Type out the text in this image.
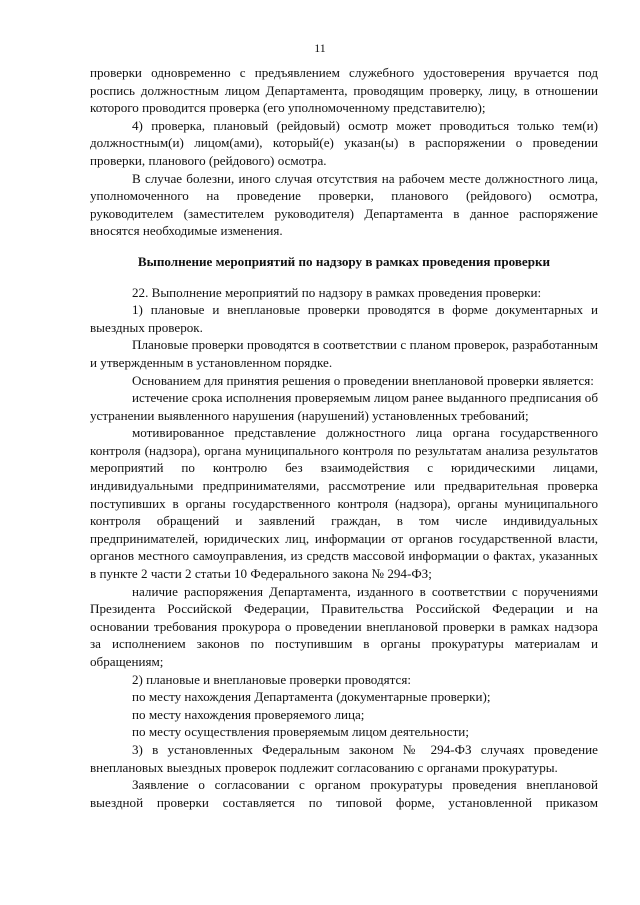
11

проверки одновременно с предъявлением служебного удостоверения вручается под роспись должностным лицом Департамента, проводящим проверку, лицу, в отношении которого проводится проверка (его уполномоченному представителю);

4) проверка, плановый (рейдовый) осмотр может проводиться только тем(и) должностным(и) лицом(ами), который(е) указан(ы) в распоряжении о проведении проверки, планового (рейдового) осмотра.

В случае болезни, иного случая отсутствия на рабочем месте должностного лица, уполномоченного на проведение проверки, планового (рейдового) осмотра, руководителем (заместителем руководителя) Департамента в данное распоряжение вносятся необходимые изменения.

Выполнение мероприятий по надзору в рамках проведения проверки

22. Выполнение мероприятий по надзору в рамках проведения проверки:

1) плановые и внеплановые проверки проводятся в форме документарных и выездных проверок.

Плановые проверки проводятся в соответствии с планом проверок, разработанным и утвержденным в установленном порядке.

Основанием для принятия решения о проведении внеплановой проверки является:

истечение срока исполнения проверяемым лицом ранее выданного предписания об устранении выявленного нарушения (нарушений) установленных требований;

мотивированное представление должностного лица органа государственного контроля (надзора), органа муниципального контроля по результатам анализа результатов мероприятий по контролю без взаимодействия с юридическими лицами, индивидуальными предпринимателями, рассмотрение или предварительная проверка поступивших в органы государственного контроля (надзора), органы муниципального контроля обращений и заявлений граждан, в том числе индивидуальных предпринимателей, юридических лиц, информации от органов государственной власти, органов местного самоуправления, из средств массовой информации о фактах, указанных в пункте 2 части 2 статьи 10 Федерального закона № 294-ФЗ;

наличие распоряжения Департамента, изданного в соответствии с поручениями Президента Российской Федерации, Правительства Российской Федерации и на основании требования прокурора о проведении внеплановой проверки в рамках надзора за исполнением законов по поступившим в органы прокуратуры материалам и обращениям;

2) плановые и внеплановые проверки проводятся:

по месту нахождения Департамента (документарные проверки);

по месту нахождения проверяемого лица;

по месту осуществления проверяемым лицом деятельности;

3) в установленных Федеральным законом № 294-ФЗ случаях проведение внеплановых выездных проверок подлежит согласованию с органами прокуратуры.

Заявление о согласовании с органом прокуратуры проведения внеплановой выездной проверки составляется по типовой форме, установленной приказом
